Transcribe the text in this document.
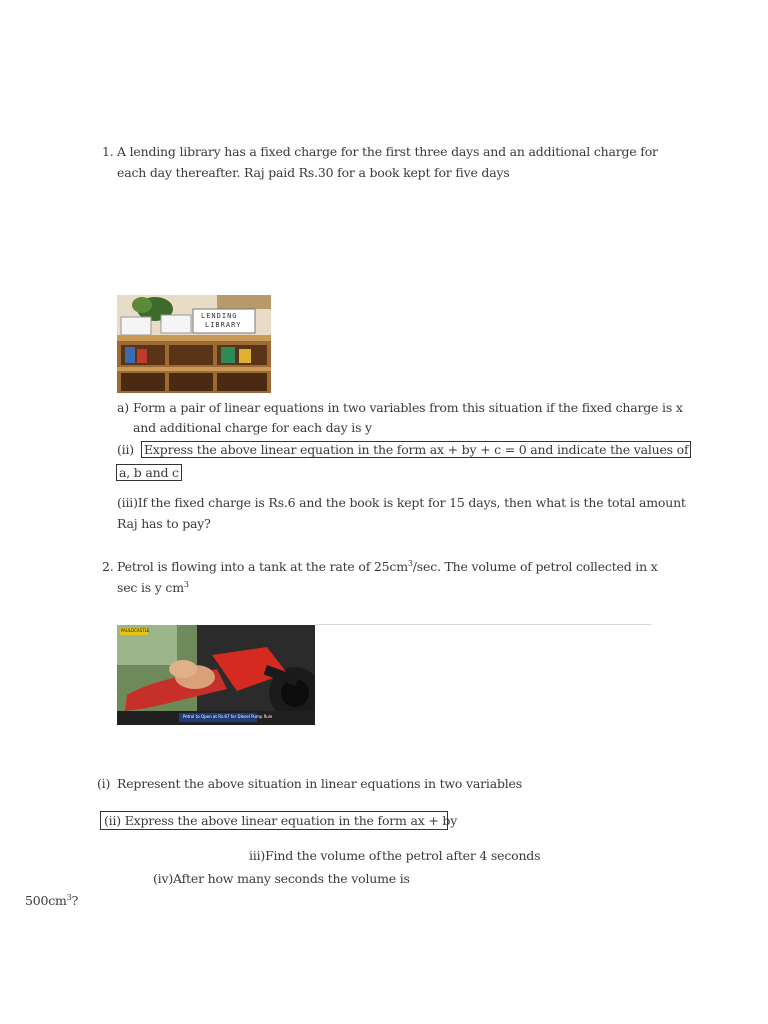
1. A lending library has a fixed charge for the first three days and an additional charge for
each day thereafter. Raj paid Rs.30 for a book kept for five days
LENDING
LIBRARY
a) Form a pair of linear equations in two variables from this situation if the fixed charge is x
and additional charge for each day is y
(ii) Express the above linear equation in the form ax + by + c = 0 and indicate the values of
a, b and c
(iii)If the fixed charge is Rs.6 and the book is kept for 15 days, then what is the total amount
Raj has to pay?
2. Petrol is flowing into a tank at the rate of $25cm^3/\sec$. The volume of petrol collected in x
sec is y $cm^3$
PAULDCASTLE
Petrol to Open at Rs.67 for Diesel Pump Rule
(i) Represent the above situation in linear equations in two variables
(ii) Express the above linear equation in the form ax + by
iii)Find the volume of the petrol after 4 seconds
(iv)After how many seconds the volume is
$500cm^3$?
